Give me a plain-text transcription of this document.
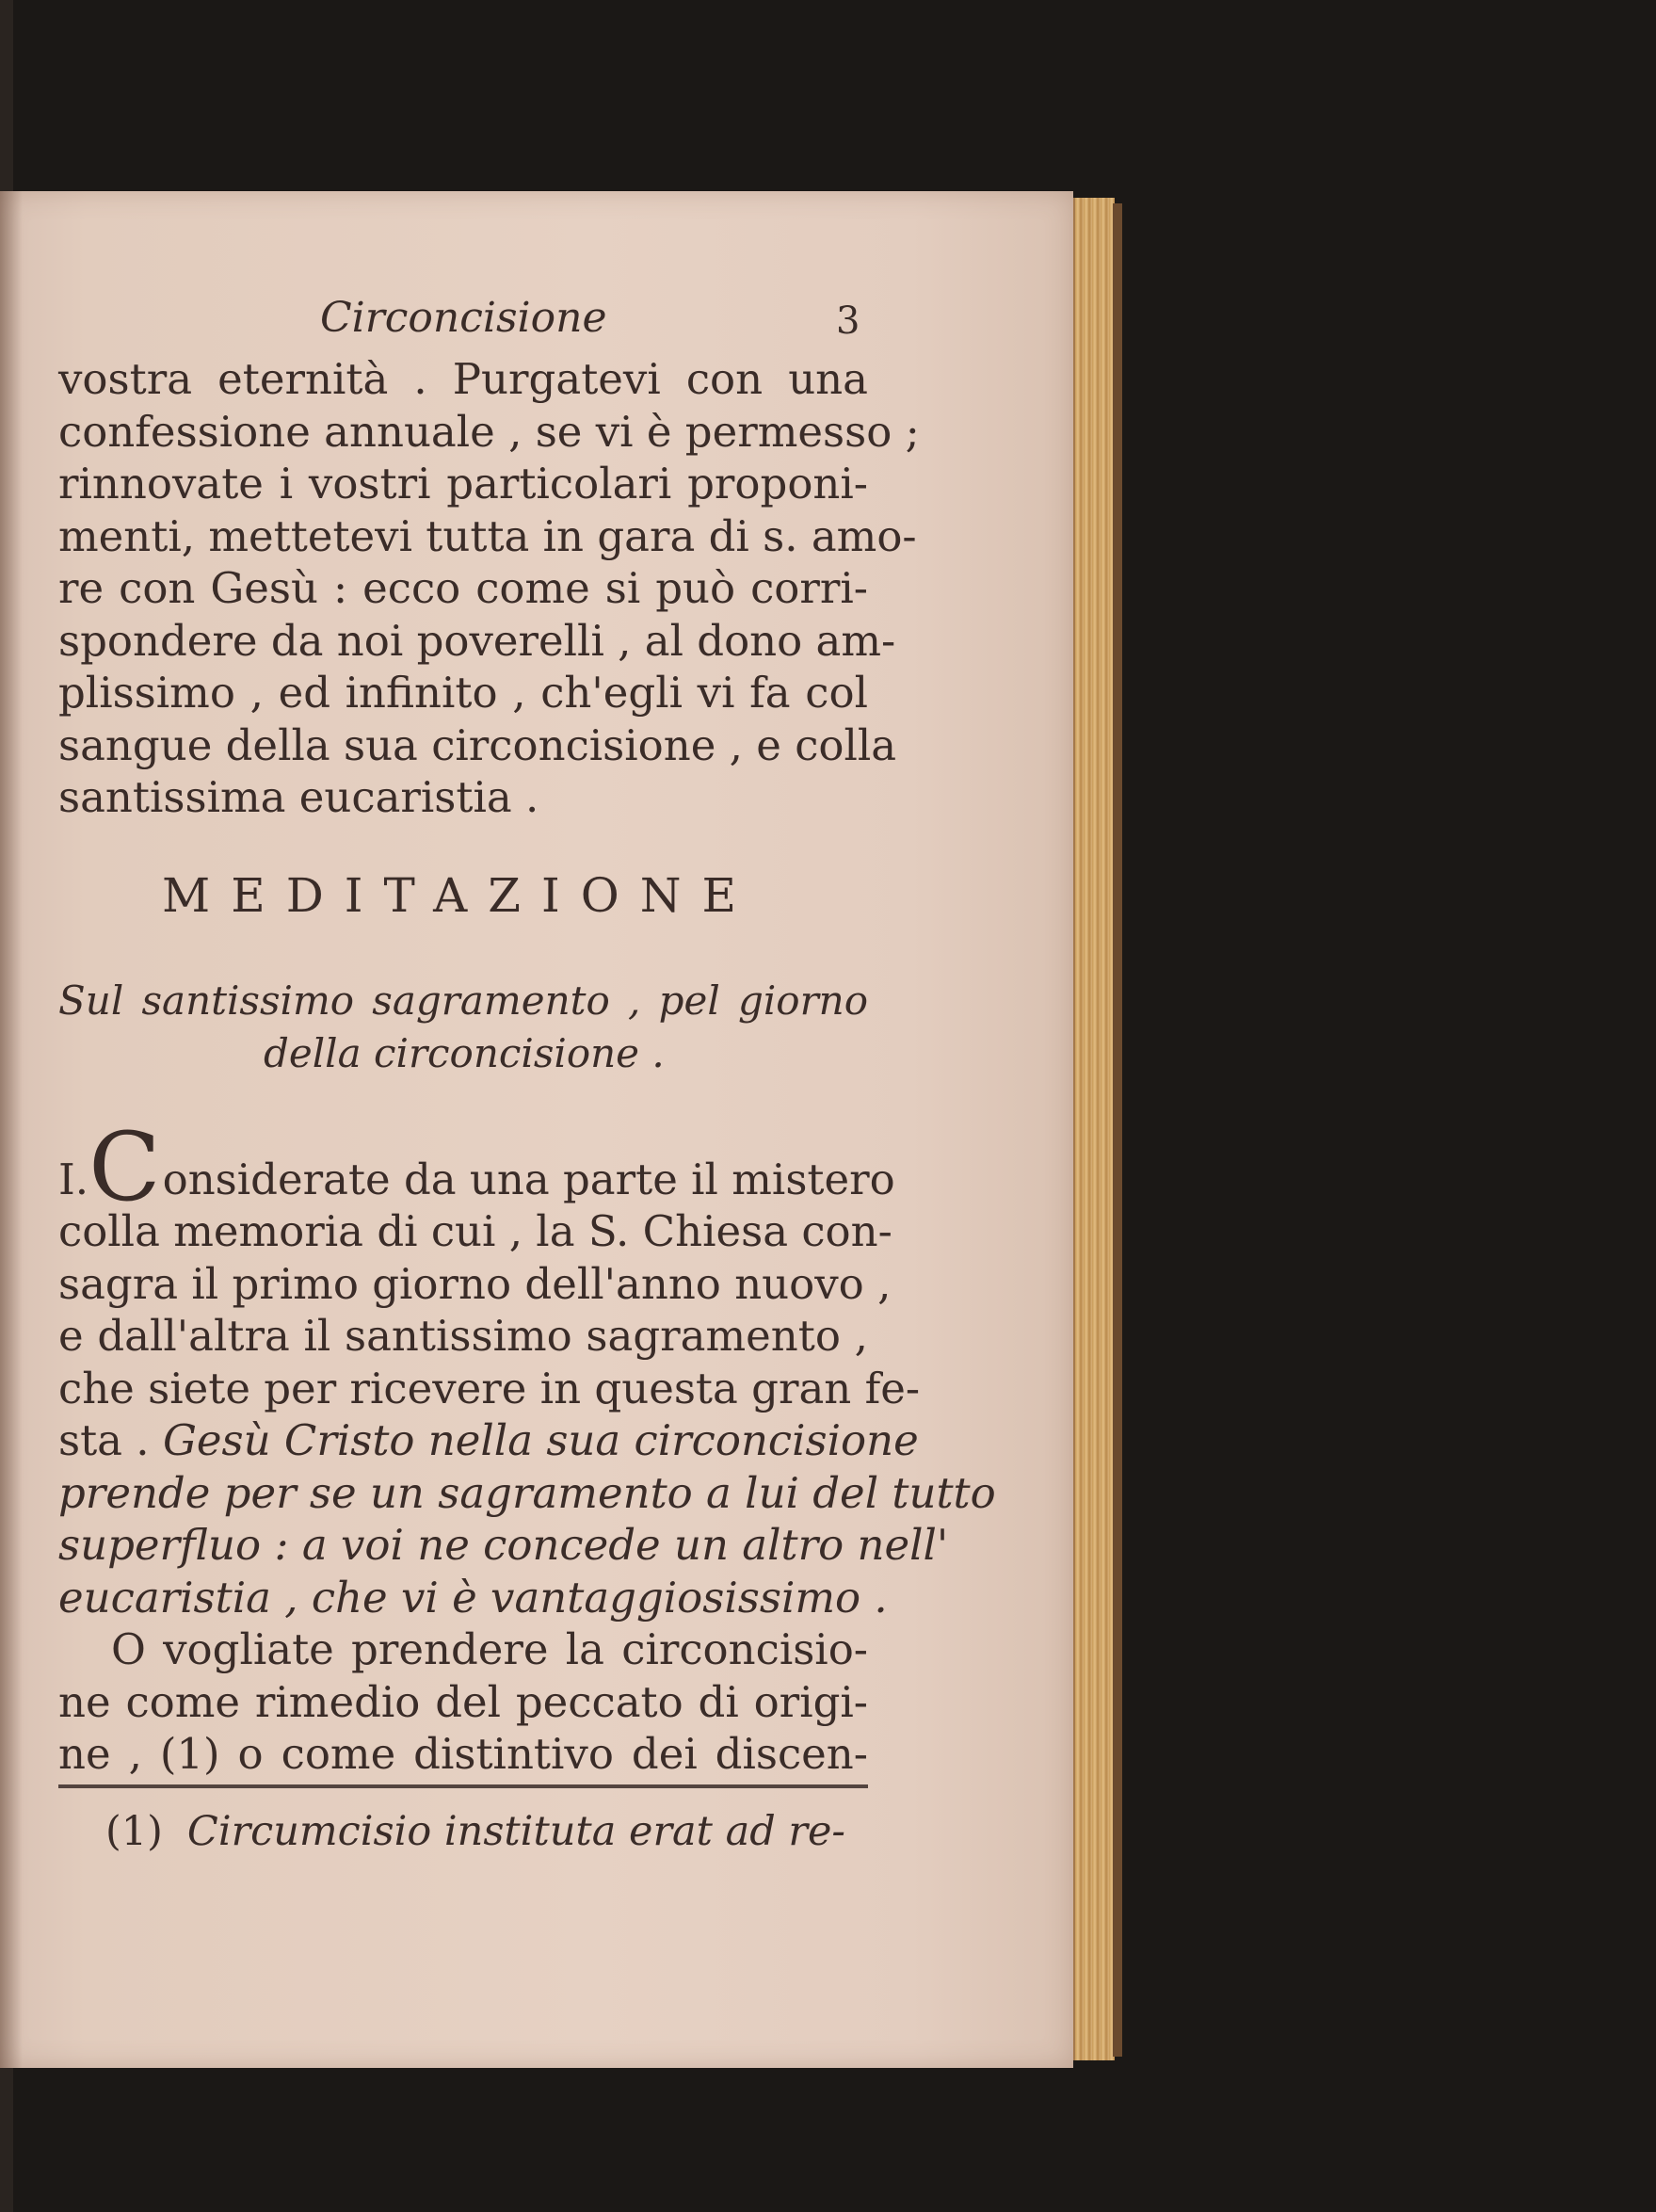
Circoncisione	3
vostra eternità . Purgatevi con una
confessione annuale , se vi è permesso ;
rinnovate i vostri particolari proponi-
menti, mettetevi tutta in gara di s. amo-
re con Gesù : ecco come si può corri-
spondere da noi poverelli , al dono am-
plissimo , ed infinito , ch'egli vi fa col
sangue della sua circoncisione , e colla
santissima eucaristia .
MEDITAZIONE
Sul santissimo sagramento , pel giorno
della circoncisione .
I. C onsiderate da una parte il mistero
colla memoria di cui , la S. Chiesa con-
sagra il primo giorno dell'anno nuovo ,
e dall'altra il santissimo sagramento ,
che siete per ricevere in questa gran fe-
sta . Gesù Cristo nella sua circoncisione
prende per se un sagramento a lui del tutto
superfluo : a voi ne concede un altro nell'
eucaristia , che vi è vantaggiosissimo .
O vogliate prendere la circoncisio-
ne come rimedio del peccato di origi-
ne , (1) o come distintivo dei discen-
(1) Circumcisio instituta erat ad re-
